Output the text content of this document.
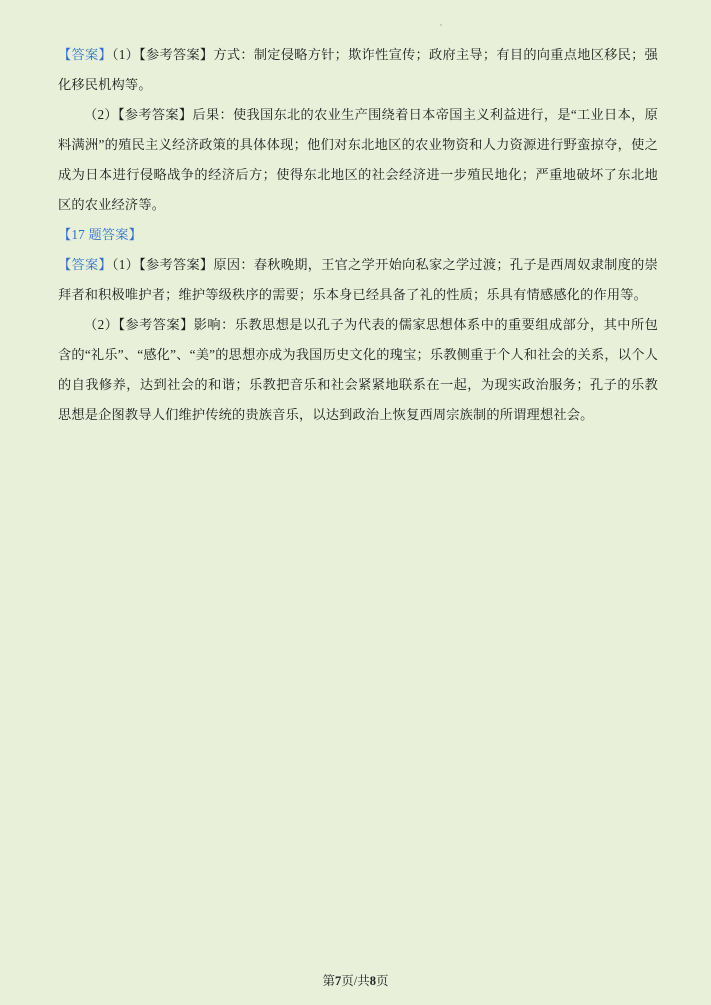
【答案】（1）【参考答案】方式：制定侵略方针；欺诈性宣传；政府主导；有目的向重点地区移民；强化移民机构等。

（2）【参考答案】后果：使我国东北的农业生产围绕着日本帝国主义利益进行，是“工业日本，原料满洲”的殖民主义经济政策的具体体现；他们对东北地区的农业物资和人力资源进行野蛮掠夺，使之成为日本进行侵略战争的经济后方；使得东北地区的社会经济进一步殖民地化；严重地破坏了东北地区的农业经济等。

【17 题答案】

【答案】（1）【参考答案】原因：春秋晚期，王官之学开始向私家之学过渡；孔子是西周奴隶制度的崇拜者和积极唯护者；维护等级秩序的需要；乐本身已经具备了礼的性质；乐具有情感感化的作用等。

（2）【参考答案】影响：乐教思想是以孔子为代表的儒家思想体系中的重要组成部分，其中所包含的“礼乐”、“感化”、“美”的思想亦成为我国历史文化的瑰宝；乐教侧重于个人和社会的关系，以个人的自我修养，达到社会的和谐；乐教把音乐和社会紧紧地联系在一起，为现实政治服务；孔子的乐教思想是企图教导人们维护传统的贵族音乐，以达到政治上恢复西周宗族制的所谓理想社会。

第7页/共8页
